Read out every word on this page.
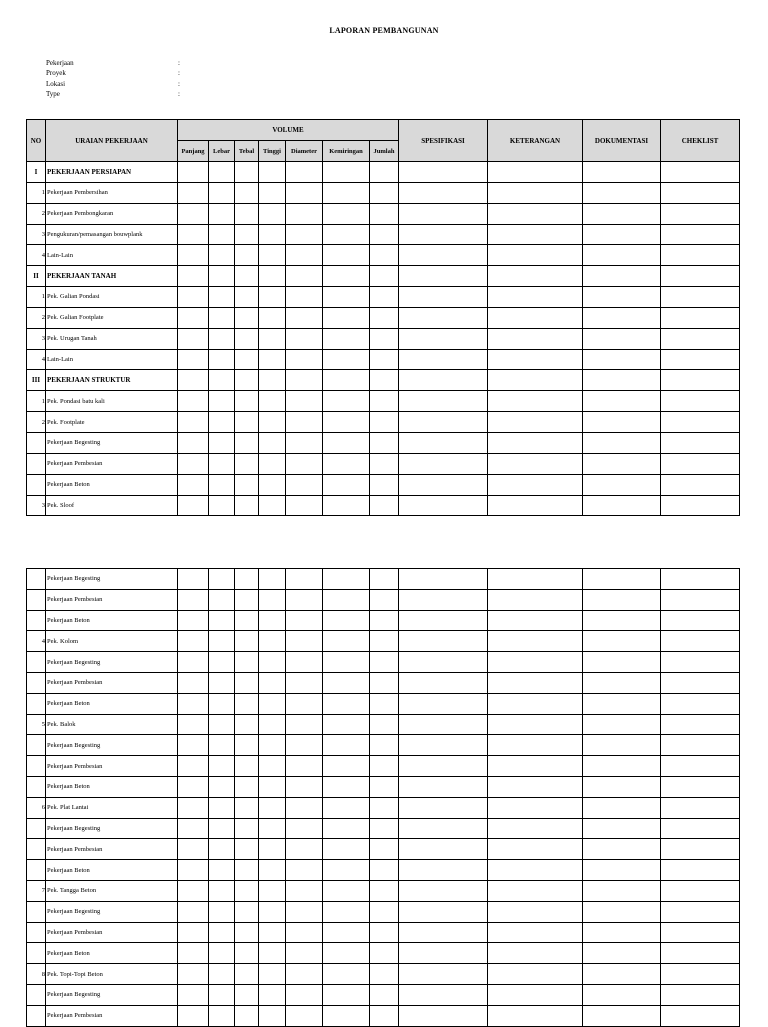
LAPORAN PEMBANGUNAN
Pekerjaan	:
Proyek	:
Lokasi	:
Type	:
NO	URAIAN PEKERJAAN	VOLUME							SPESIFIKASI	KETERANGAN	DOKUMENTASI	CHEKLIST
		Panjang	Lebar	Tebal	Tinggi	Diameter	Kemiringan	Jumlah				
I	PEKERJAAN PERSIAPAN											
1	Pekerjaan Pembersihan											
2	Pekerjaan Pembongkaran											
3	Pengukuran/pemasangan bouwplank											
4	Lain-Lain											
II	PEKERJAAN TANAH											
1	Pek. Galian Pondasi											
2	Pek. Galian Footplate											
3	Pek. Urugan Tanah											
4	Lain-Lain											
III	PEKERJAAN STRUKTUR											
1	Pek. Pondasi batu kali											
2	Pek. Footplate											
	Pekerjaan Begesting											
	Pekerjaan Pembesian											
	Pekerjaan Beton											
3	Pek. Sloof											
	Pekerjaan Begesting											
	Pekerjaan Pembesian											
	Pekerjaan Beton											
4	Pek. Kolom											
	Pekerjaan Begesting											
	Pekerjaan Pembesian											
	Pekerjaan Beton											
5	Pek. Balok											
	Pekerjaan Begesting											
	Pekerjaan Pembesian											
	Pekerjaan Beton											
6	Pek. Plat Lantai											
	Pekerjaan Begesting											
	Pekerjaan Pembesian											
	Pekerjaan Beton											
7	Pek. Tangga Beton											
	Pekerjaan Begesting											
	Pekerjaan Pembesian											
	Pekerjaan Beton											
8	Pek. Topi-Topi Beton											
	Pekerjaan Begesting											
	Pekerjaan Pembesian											
